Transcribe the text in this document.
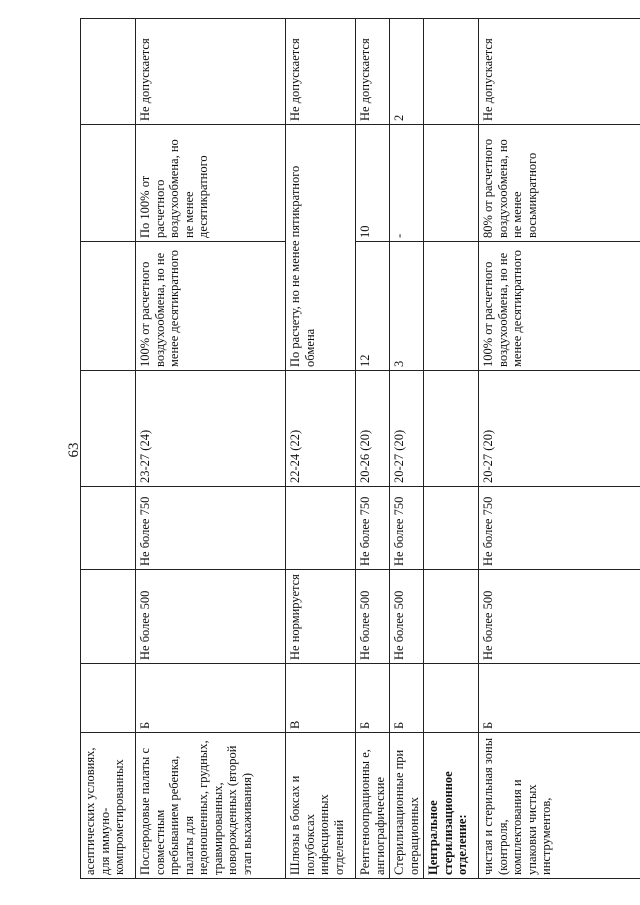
63
асептических условиях, для иммуно-компрометированных							
Послеродовые палаты с совместным пребыванием ребенка, палаты для недоношенных, грудных, травмированных, новорожденных (второй этап выхаживания)	Б	Не более 500	Не более 750	23-27 (24)	100% от расчетного воздухообмена, но не менее десятикратного	По 100% от расчетного воздухообмена, но не менее десятикратного	Не допускается
Шлюзы в боксах и полубоксах инфекционных отделений	В	Не нормируется		22-24 (22)	По расчету, но не менее пятикратного обмена		Не допускается
Рентгеноопрационны е, ангиографические	Б	Не более 500	Не более 750	20-26 (20)	12	10	Не допускается
Стерилизационные при операционных	Б	Не более 500	Не более 750	20-27 (20)	3	-	2
Центральное стерилизационное отделение:							
чистая и стерильная зоны (контроля, комплектования и упаковки чистых инструментов,	Б	Не более 500	Не более 750	20-27 (20)	100% от расчетного воздухообмена, но не менее десятикратного	80% от расчетного воздухообмена, но не менее восьмикратного	Не допускается
